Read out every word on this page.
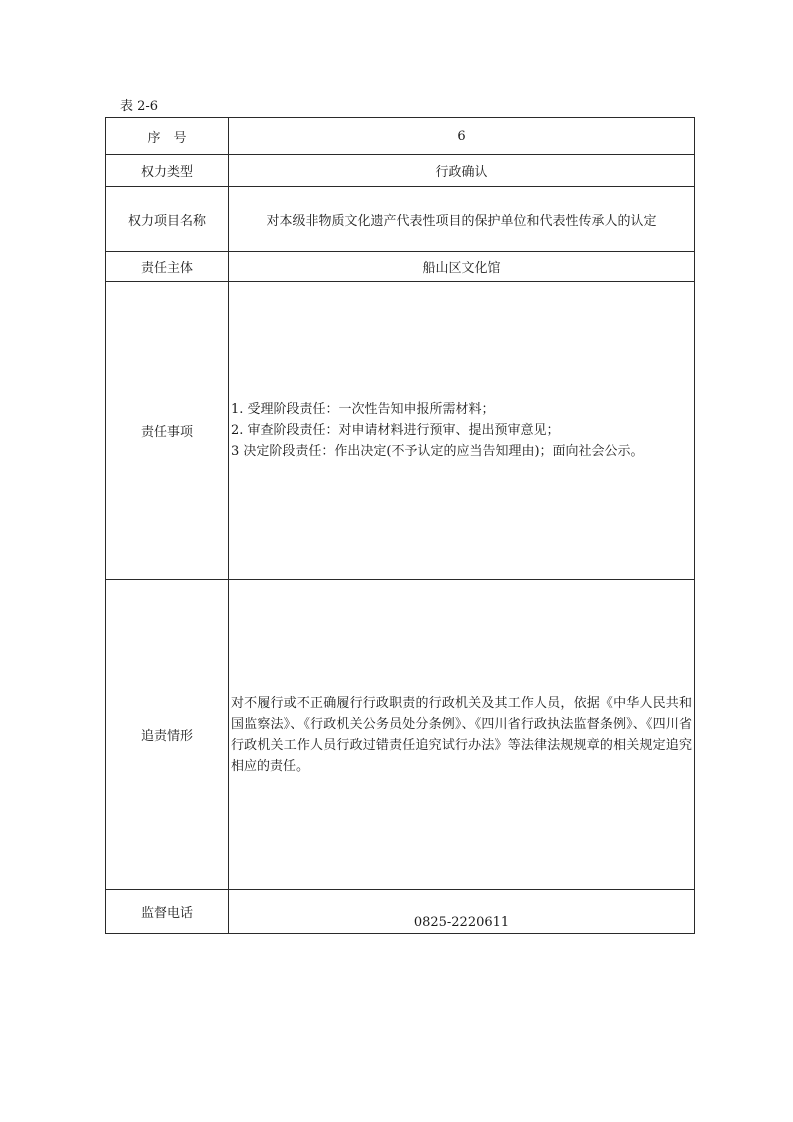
表 2-6
序　号	6
权力类型	行政确认
权力项目名称	对本级非物质文化遗产代表性项目的保护单位和代表性传承人的认定
责任主体	船山区文化馆
责任事项	1. 受理阶段责任：一次性告知申报所需材料；
2. 审查阶段责任：对申请材料进行预审、提出预审意见；
3 决定阶段责任：作出决定(不予认定的应当告知理由)；面向社会公示。

追责情形	对不履行或不正确履行行政职责的行政机关及其工作人员，依据《中华人民共和国监察法》、《行政机关公务员处分条例》、《四川省行政执法监督条例》、《四川省行政机关工作人员行政过错责任追究试行办法》等法律法规规章的相关规定追究相应的责任。

监督电话	0825-2220611
